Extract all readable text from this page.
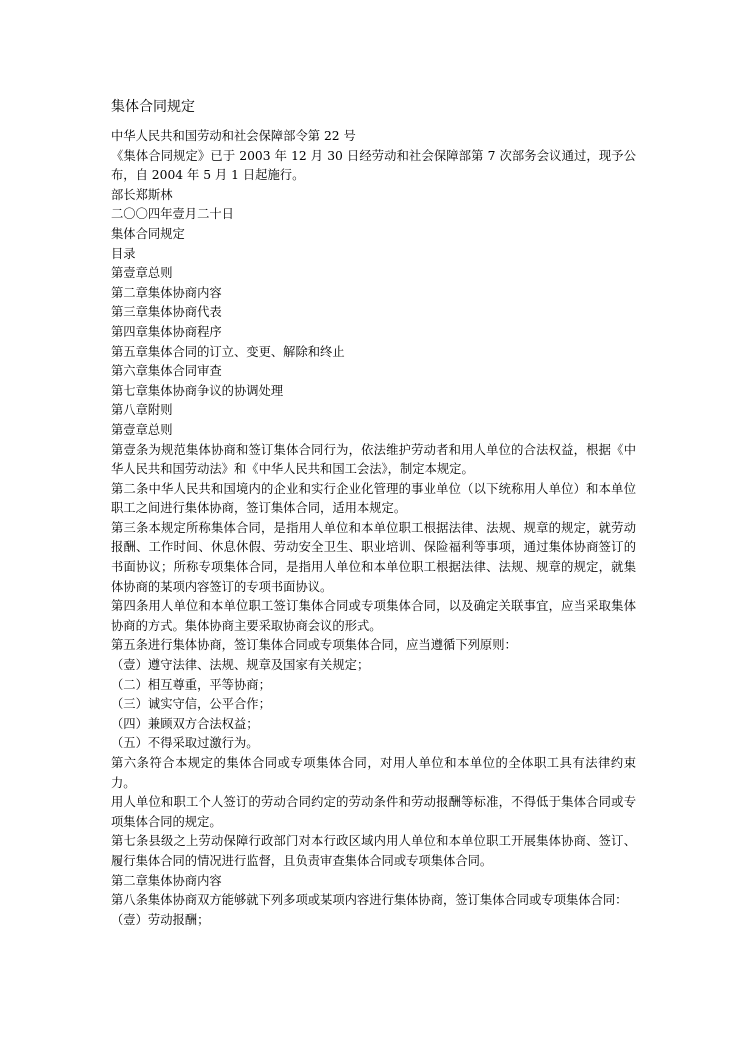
集体合同规定

中华人民共和国劳动和社会保障部令第 22 号

《集体合同规定》已于 2003 年 12 月 30 日经劳动和社会保障部第 7 次部务会议通过，现予公布，自 2004 年 5 月 1 日起施行。

部长郑斯林

二〇〇四年壹月二十日

集体合同规定

目录

第壹章总则

第二章集体协商内容

第三章集体协商代表

第四章集体协商程序

第五章集体合同的订立、变更、解除和终止

第六章集体合同审查

第七章集体协商争议的协调处理

第八章附则

第壹章总则

第壹条为规范集体协商和签订集体合同行为，依法维护劳动者和用人单位的合法权益，根据《中华人民共和国劳动法》和《中华人民共和国工会法》，制定本规定。

第二条中华人民共和国境内的企业和实行企业化管理的事业单位（以下统称用人单位）和本单位职工之间进行集体协商，签订集体合同，适用本规定。

第三条本规定所称集体合同，是指用人单位和本单位职工根据法律、法规、规章的规定，就劳动报酬、工作时间、休息休假、劳动安全卫生、职业培训、保险福利等事项，通过集体协商签订的书面协议；所称专项集体合同，是指用人单位和本单位职工根据法律、法规、规章的规定，就集体协商的某项内容签订的专项书面协议。

第四条用人单位和本单位职工签订集体合同或专项集体合同，以及确定关联事宜，应当采取集体协商的方式。集体协商主要采取协商会议的形式。

第五条进行集体协商，签订集体合同或专项集体合同，应当遵循下列原则：

（壹）遵守法律、法规、规章及国家有关规定；

（二）相互尊重，平等协商；

（三）诚实守信，公平合作；

（四）兼顾双方合法权益；

（五）不得采取过激行为。

第六条符合本规定的集体合同或专项集体合同，对用人单位和本单位的全体职工具有法律约束力。

用人单位和职工个人签订的劳动合同约定的劳动条件和劳动报酬等标准，不得低于集体合同或专项集体合同的规定。

第七条县级之上劳动保障行政部门对本行政区域内用人单位和本单位职工开展集体协商、签订、履行集体合同的情况进行监督，且负责审查集体合同或专项集体合同。

第二章集体协商内容

第八条集体协商双方能够就下列多项或某项内容进行集体协商，签订集体合同或专项集体合同：

（壹）劳动报酬；
